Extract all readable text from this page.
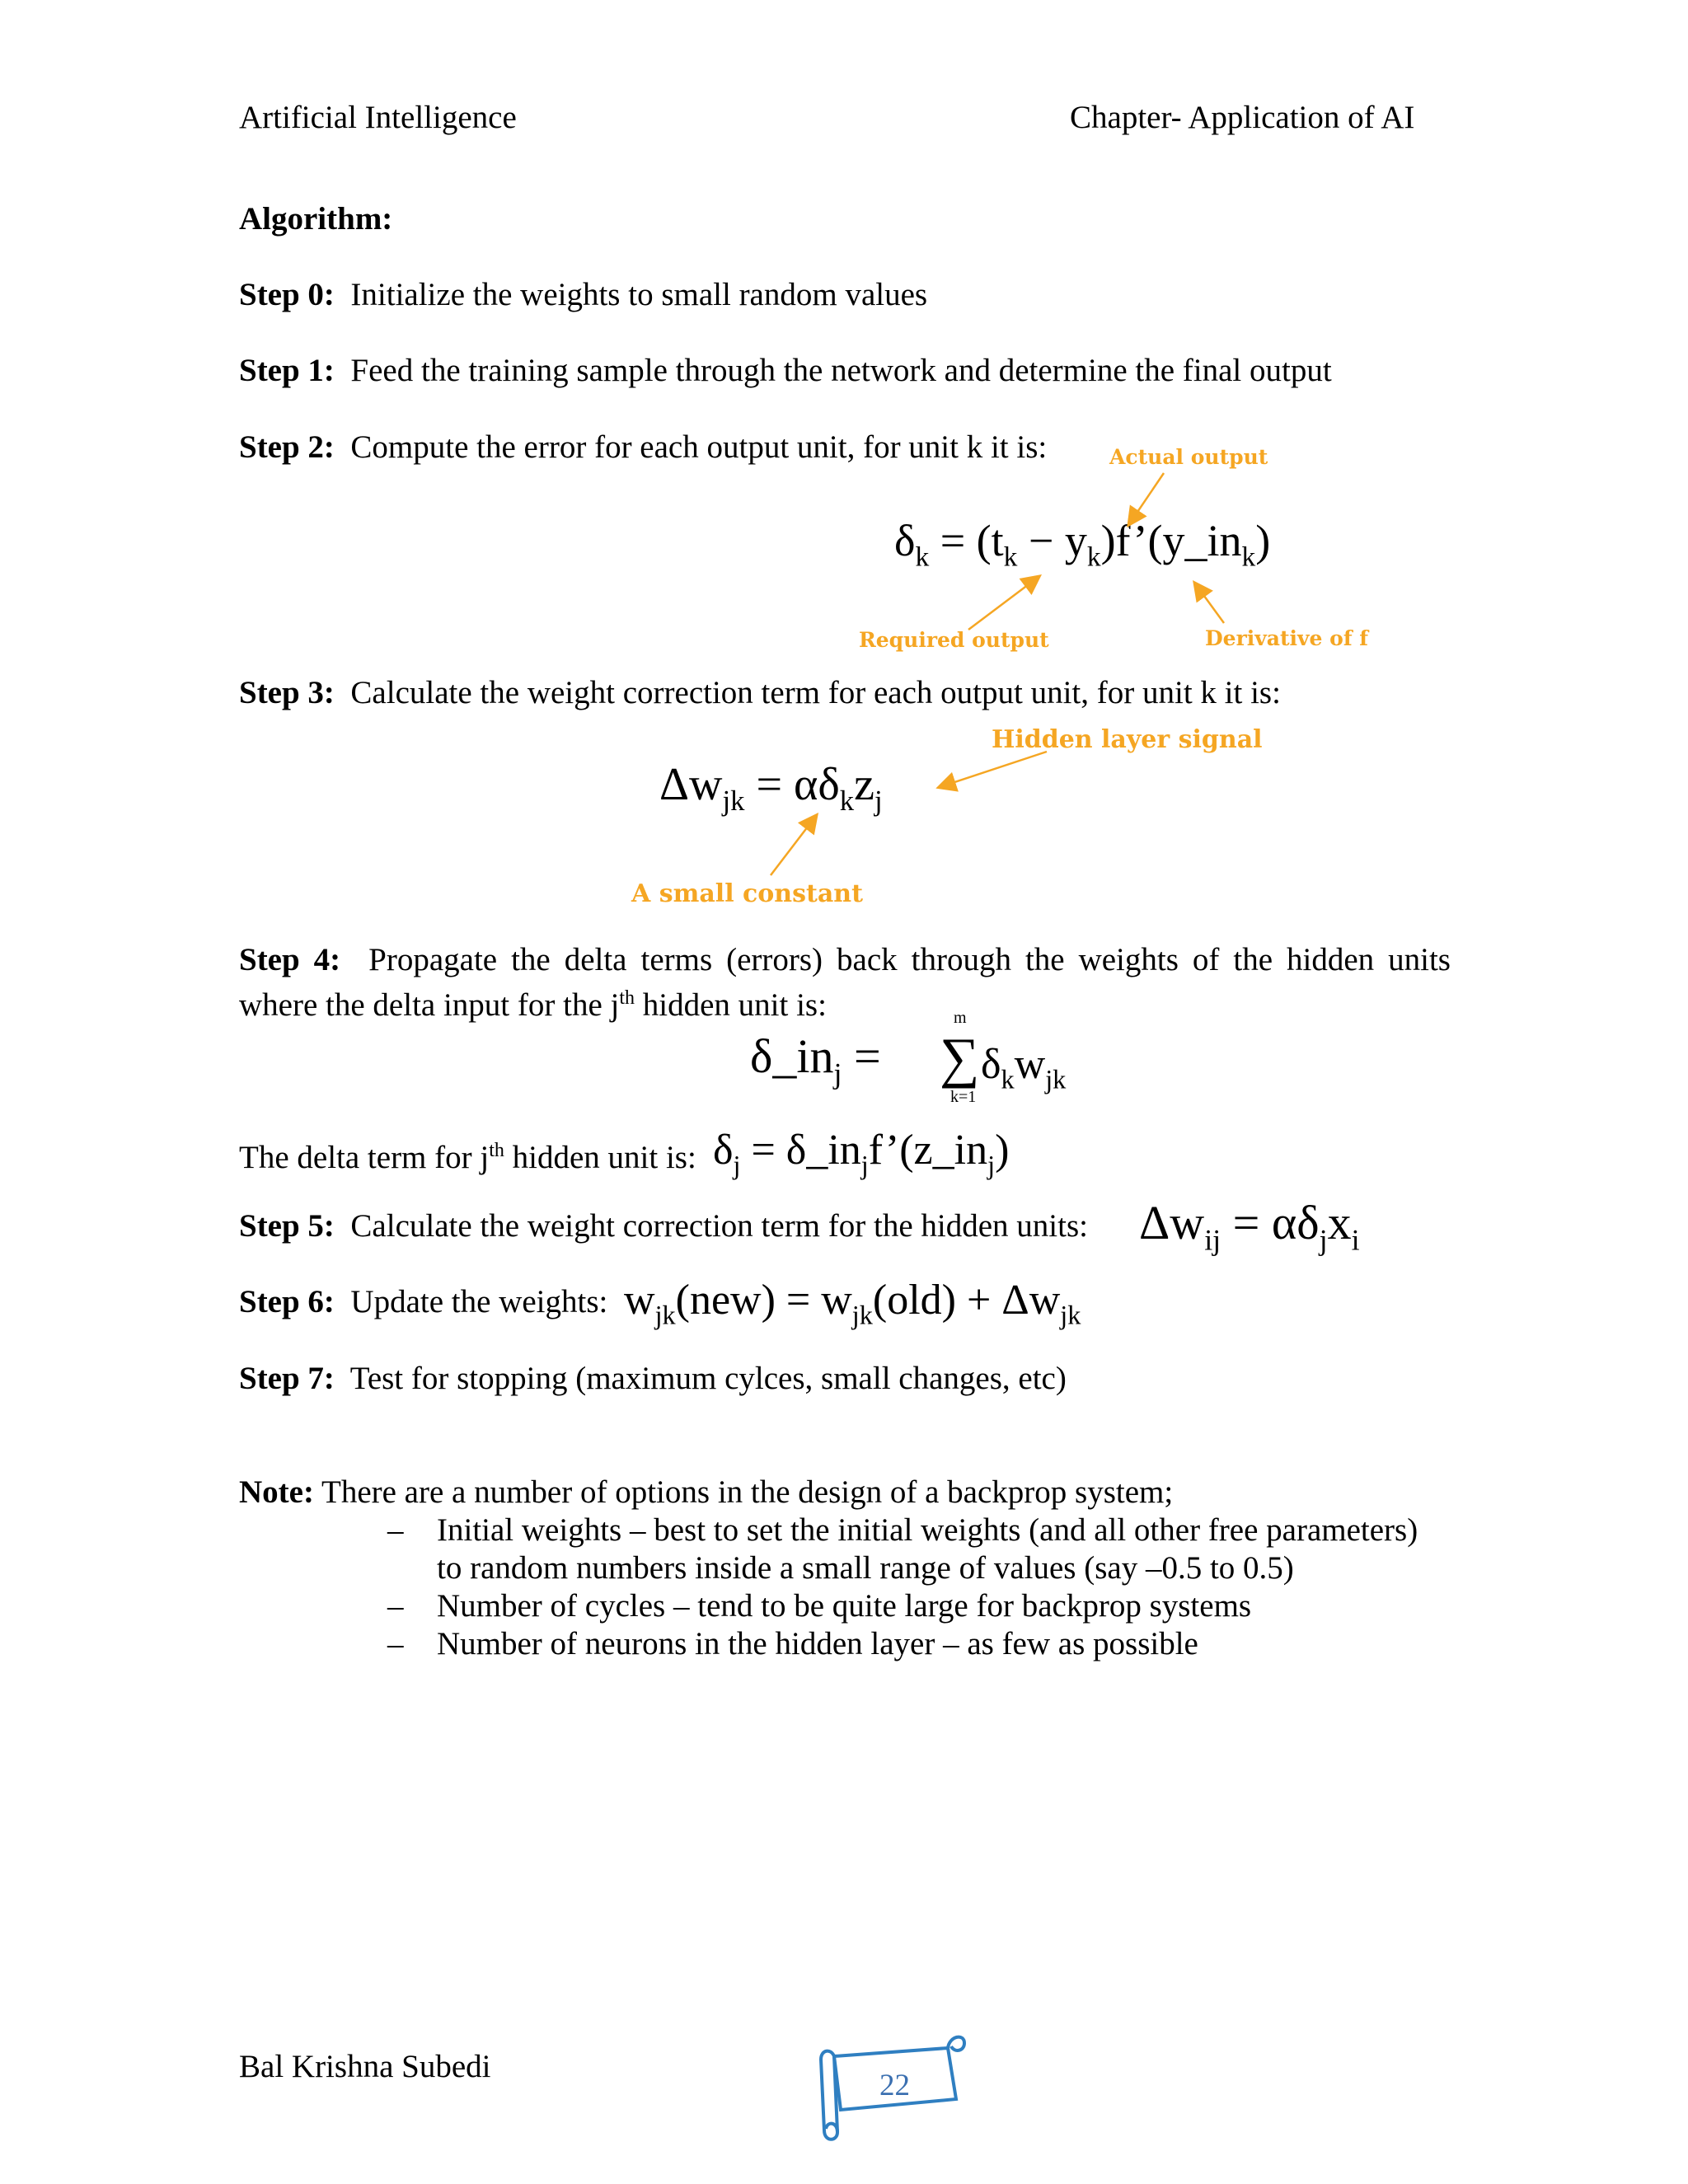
Artificial Intelligence	Chapter- Application of AI
Algorithm:
Step 0: Initialize the weights to small random values
Step 1: Feed the training sample through the network and determine the final output
Step 2: Compute the error for each output unit, for unit k it is:	Actual output
$\delta_k = (t_k$ − $y_k)f’(y\_in_k)$
Required output	Derivative of f
Step 3: Calculate the weight correction term for each output unit, for unit k it is:
Hidden layer signal
$\Delta w_{jk} = \alpha\delta_kz_j$
A small constant
Step 4: Propagate the delta terms (errors) back through the weights of the hidden units
where the delta input for the $j^{th}$ hidden unit is:
$\delta\_in_j$ =
m
∑ $\delta_kw_{jk}$
k=1
The delta term for $j^{th}$ hidden unit is: $\delta_j$ = $\delta\_in_jf’(z\_in_j)$
Step 5: Calculate the weight correction term for the hidden units: $\Delta w_{ij} = \alpha\delta_jx_i$
Step 6: Update the weights: $w_{jk}(new) = w_{jk}(old) + \Delta w_{jk}$
Step 7: Test for stopping (maximum cylces, small changes, etc)
Note: There are a number of options in the design of a backprop system;
– Initial weights – best to set the initial weights (and all other free parameters)
to random numbers inside a small range of values (say –0.5 to 0.5)
– Number of cycles – tend to be quite large for backprop systems
– Number of neurons in the hidden layer – as few as possible
Bal Krishna Subedi
22
